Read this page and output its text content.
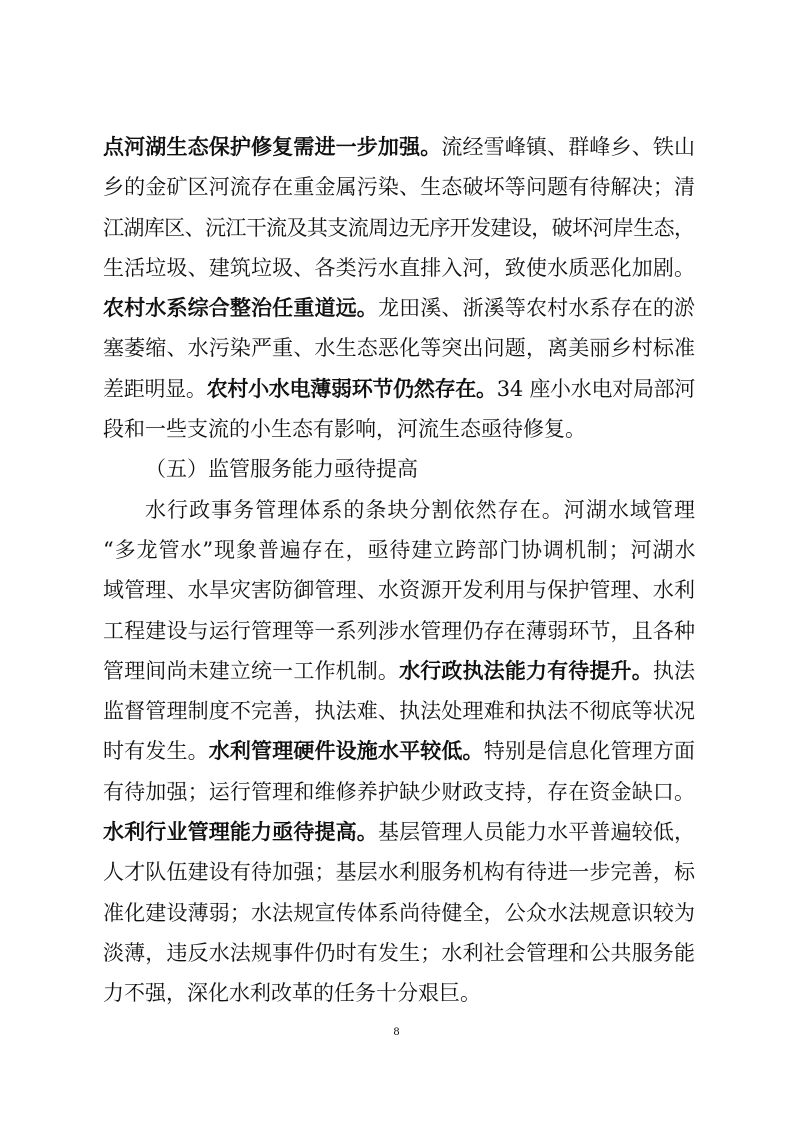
点河湖生态保护修复需进一步加强。流经雪峰镇、群峰乡、铁山
乡的金矿区河流存在重金属污染、生态破坏等问题有待解决；清 江湖库区、沅江干流及其支流周边无序开发建设，破坏河岸生态， 生活垃圾、建筑垃圾、各类污水直排入河，致使水质恶化加剧。
农村水系综合整治任重道远。龙田溪、浙溪等农村水系存在的淤
塞萎缩、水污染严重、水生态恶化等突出问题，离美丽乡村标准
差距明显。农村小水电薄弱环节仍然存在。34 座小水电对局部河
段和一些支流的小生态有影响，河流生态亟待修复。
（五）监管服务能力亟待提高
水行政事务管理体系的条块分割依然存在。河湖水域管理
“多龙管水”现象普遍存在，亟待建立跨部门协调机制；河湖水 域管理、水旱灾害防御管理、水资源开发利用与保护管理、水利 工程建设与运行管理等一系列涉水管理仍存在薄弱环节，且各种
管理间尚未建立统一工作机制。水行政执法能力有待提升。执法
监督管理制度不完善，执法难、执法处理难和执法不彻底等状况
时有发生。水利管理硬件设施水平较低。特别是信息化管理方面
有待加强；运行管理和维修养护缺少财政支持，存在资金缺口。
水利行业管理能力亟待提高。基层管理人员能力水平普遍较低，
人才队伍建设有待加强；基层水利服务机构有待进一步完善，标 准化建设薄弱；水法规宣传体系尚待健全，公众水法规意识较为 淡薄，违反水法规事件仍时有发生；水利社会管理和公共服务能
力不强，深化水利改革的任务十分艰巨。
8
